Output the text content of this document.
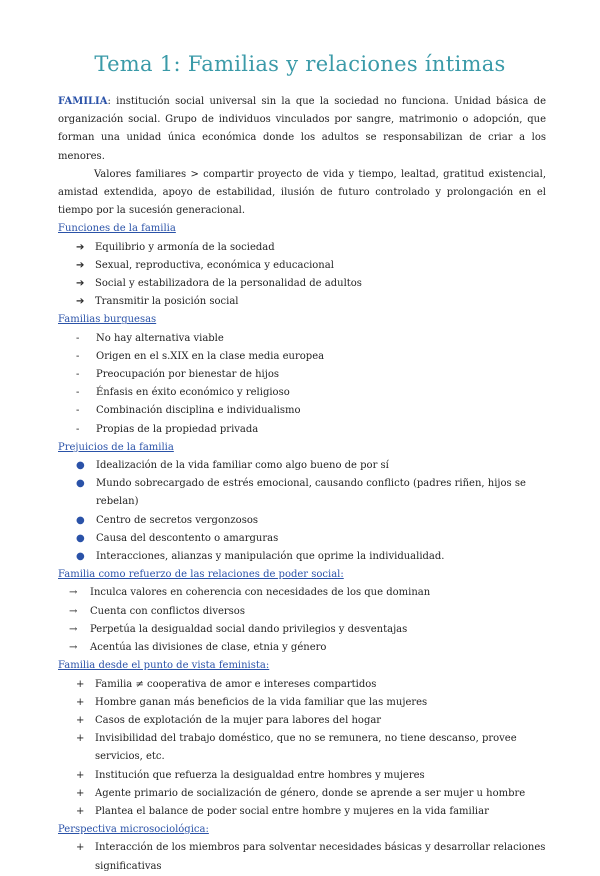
Tema 1: Familias y relaciones íntimas

FAMILIA: institución social universal sin la que la sociedad no funciona. Unidad básica de organización social. Grupo de individuos vinculados por sangre, matrimonio o adopción, que forman una unidad única económica donde los adultos se responsabilizan de criar a los menores.

Valores familiares > compartir proyecto de vida y tiempo, lealtad, gratitud existencial, amistad extendida, apoyo de estabilidad, ilusión de futuro controlado y prolongación en el tiempo por la sucesión generacional.

Funciones de la familia
➔ Equilibrio y armonía de la sociedad
➔ Sexual, reproductiva, económica y educacional
➔ Social y estabilizadora de la personalidad de adultos
➔ Transmitir la posición social
Familias burguesas
- No hay alternativa viable
- Origen en el s.XIX en la clase media europea
- Preocupación por bienestar de hijos
- Énfasis en éxito económico y religioso
- Combinación disciplina e individualismo
- Propias de la propiedad privada
Prejuicios de la familia
● Idealización de la vida familiar como algo bueno de por sí
● Mundo sobrecargado de estrés emocional, causando conflicto (padres riñen, hijos se rebelan)
● Centro de secretos vergonzosos
● Causa del descontento o amarguras
● Interacciones, alianzas y manipulación que oprime la individualidad.
Familia como refuerzo de las relaciones de poder social:
→ Inculca valores en coherencia con necesidades de los que dominan
→ Cuenta con conflictos diversos
→ Perpetúa la desigualdad social dando privilegios y desventajas
→ Acentúa las divisiones de clase, etnia y género
Familia desde el punto de vista feminista:
+ Familia ≠ cooperativa de amor e intereses compartidos
+ Hombre ganan más beneficios de la vida familiar que las mujeres
+ Casos de explotación de la mujer para labores del hogar
+ Invisibilidad del trabajo doméstico, que no se remunera, no tiene descanso, provee servicios, etc.
+ Institución que refuerza la desigualdad entre hombres y mujeres
+ Agente primario de socialización de género, donde se aprende a ser mujer u hombre
+ Plantea el balance de poder social entre hombre y mujeres en la vida familiar
Perspectiva microsociológica:
+ Interacción de los miembros para solventar necesidades básicas y desarrollar relaciones significativas
